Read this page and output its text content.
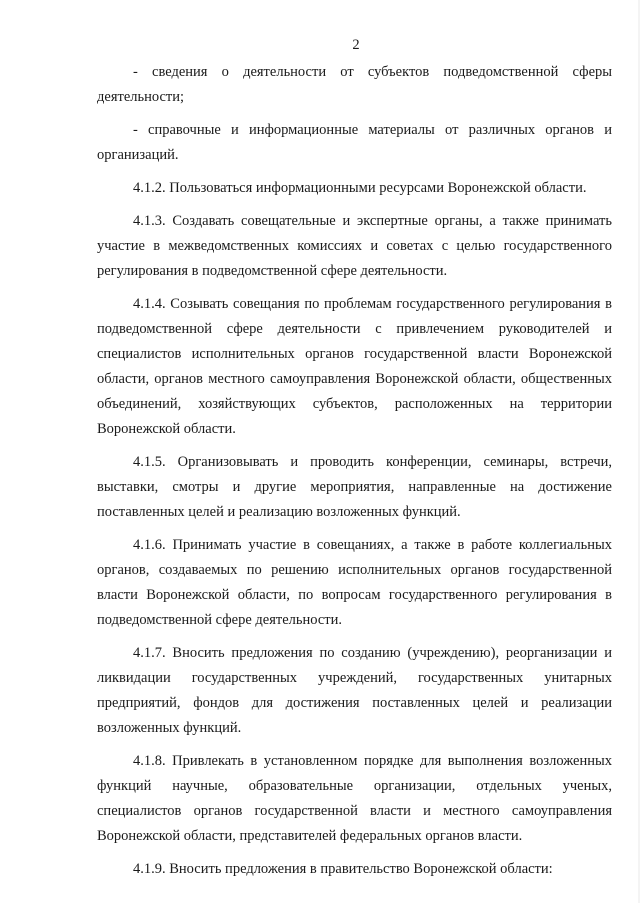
2

- сведения о деятельности от субъектов подведомственной сферы деятельности;

- справочные и информационные материалы от различных органов и организаций.

4.1.2. Пользоваться информационными ресурсами Воронежской области.

4.1.3. Создавать совещательные и экспертные органы, а также принимать участие в межведомственных комиссиях и советах с целью государственного регулирования в подведомственной сфере деятельности.

4.1.4. Созывать совещания по проблемам государственного регулирования в подведомственной сфере деятельности с привлечением руководителей и специалистов исполнительных органов государственной власти Воронежской области, органов местного самоуправления Воронежской области, общественных объединений, хозяйствующих субъектов, расположенных на территории Воронежской области.

4.1.5. Организовывать и проводить конференции, семинары, встречи, выставки, смотры и другие мероприятия, направленные на достижение поставленных целей и реализацию возложенных функций.

4.1.6. Принимать участие в совещаниях, а также в работе коллегиальных органов, создаваемых по решению исполнительных органов государственной власти Воронежской области, по вопросам государственного регулирования в подведомственной сфере деятельности.

4.1.7. Вносить предложения по созданию (учреждению), реорганизации и ликвидации государственных учреждений, государственных унитарных предприятий, фондов для достижения поставленных целей и реализации возложенных функций.

4.1.8. Привлекать в установленном порядке для выполнения возложенных функций научные, образовательные организации, отдельных ученых, специалистов органов государственной власти и местного самоуправления Воронежской области, представителей федеральных органов власти.

4.1.9. Вносить предложения в правительство Воронежской области:
